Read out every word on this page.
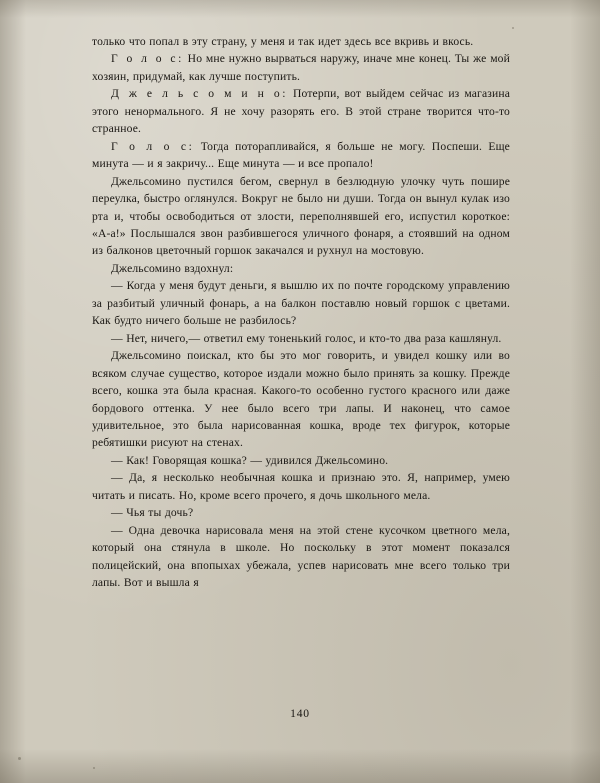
только что попал в эту страну, у меня и так идет здесь все вкривь и вкось.

Г о л о с: Но мне нужно вырваться наружу, иначе мне конец. Ты же мой хозяин, придумай, как лучше поступить.

Д ж е л ь с о м и н о: Потерпи, вот выйдем сейчас из магазина этого ненормального. Я не хочу разорять его. В этой стране творится что-то странное.

Г о л о с: Тогда поторапливайся, я больше не могу. Поспеши. Еще минута — и я закричу... Еще минута — и все пропало!

Джельсомино пустился бегом, свернул в безлюдную улочку чуть пошире переулка, быстро оглянулся. Вокруг не было ни души. Тогда он вынул кулак изо рта и, чтобы освободиться от злости, переполнявшей его, испустил короткое: «А-а!» Послышался звон разбившегося уличного фонаря, а стоявший на одном из балконов цветочный горшок закачался и рухнул на мостовую.

Джельсомино вздохнул:

— Когда у меня будут деньги, я вышлю их по почте городскому управлению за разбитый уличный фонарь, а на балкон поставлю новый горшок с цветами. Как будто ничего больше не разбилось?

— Нет, ничего,— ответил ему тоненький голос, и кто-то два раза кашлянул.

Джельсомино поискал, кто бы это мог говорить, и увидел кошку или во всяком случае существо, которое издали можно было принять за кошку. Прежде всего, кошка эта была красная. Какого-то особенно густого красного или даже бордового оттенка. У нее было всего три лапы. И наконец, что самое удивительное, это была нарисованная кошка, вроде тех фигурок, которые ребятишки рисуют на стенах.

— Как! Говорящая кошка? — удивился Джельсомино.

— Да, я несколько необычная кошка и признаю это. Я, например, умею читать и писать. Но, кроме всего прочего, я дочь школьного мела.

— Чья ты дочь?

— Одна девочка нарисовала меня на этой стене кусочком цветного мела, который она стянула в школе. Но поскольку в этот момент показался полицейский, она впопыхах убежала, успев нарисовать мне всего только три лапы. Вот и вышла я

140
